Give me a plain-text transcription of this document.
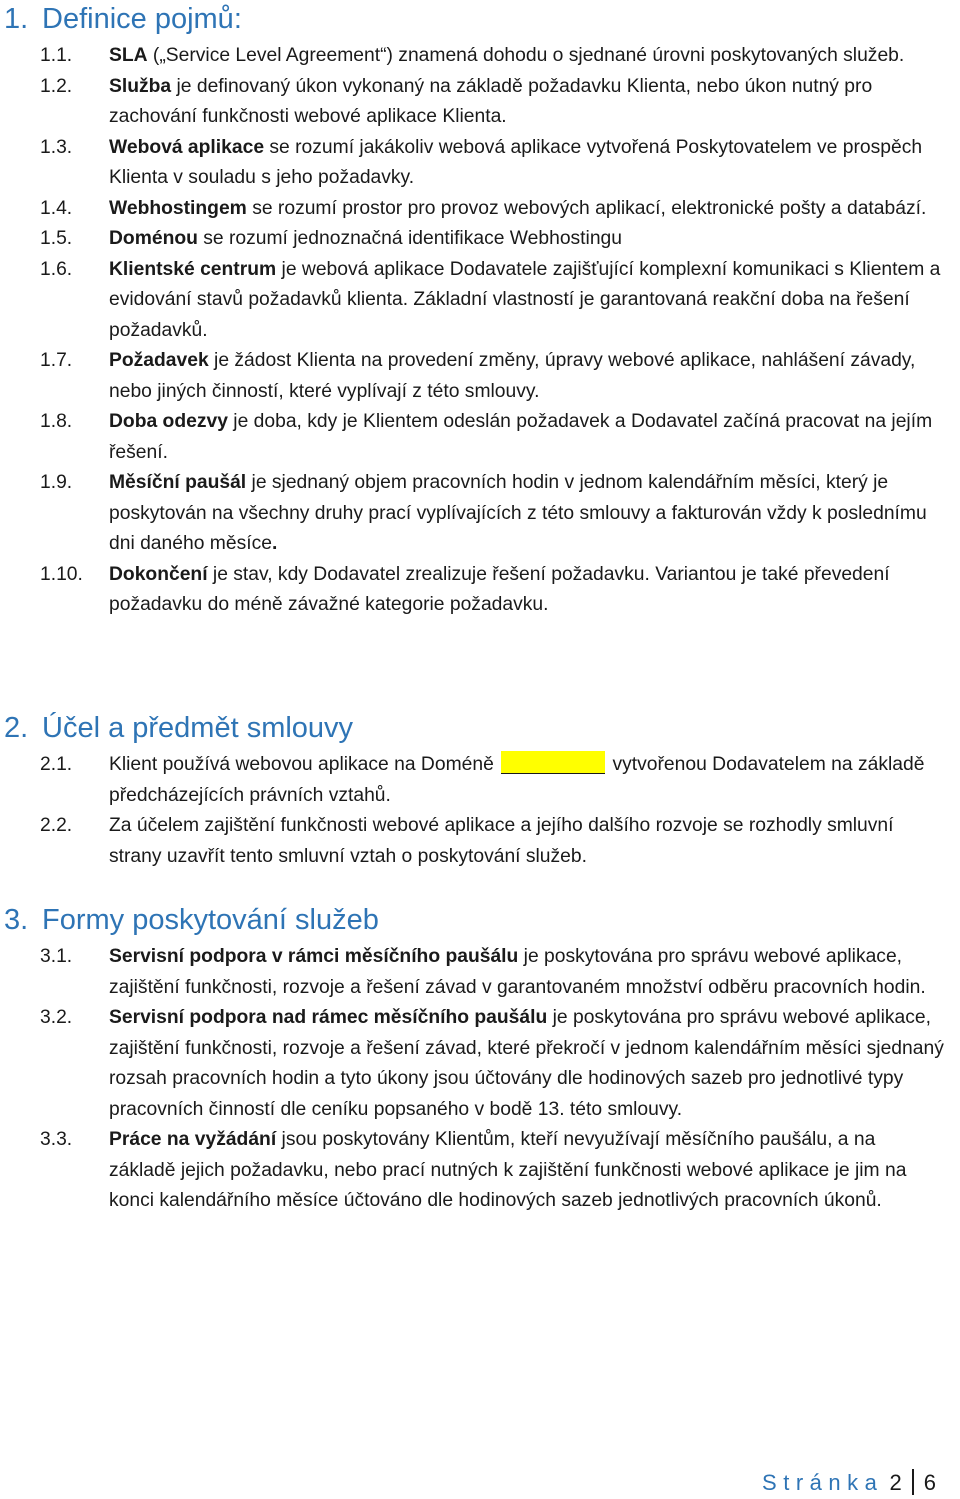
1. Definice pojmů:
1.1. SLA („Service Level Agreement“) znamená dohodu o sjednané úrovni poskytovaných služeb.
1.2. Služba je definovaný úkon vykonaný na základě požadavku Klienta, nebo úkon nutný pro zachování funkčnosti webové aplikace Klienta.
1.3. Webová aplikace se rozumí jakákoliv webová aplikace vytvořená Poskytovatelem ve prospěch Klienta v souladu s jeho požadavky.
1.4. Webhostingem se rozumí prostor pro provoz webových aplikací, elektronické pošty a databází.
1.5. Doménou se rozumí jednoznačná identifikace Webhostingu
1.6. Klientské centrum je webová aplikace Dodavatele zajišťující komplexní komunikaci s Klientem a evidování stavů požadavků klienta. Základní vlastností je garantovaná reakční doba na řešení požadavků.
1.7. Požadavek je žádost Klienta na provedení změny, úpravy webové aplikace, nahlášení závady, nebo jiných činností, které vyplívají z této smlouvy.
1.8. Doba odezvy je doba, kdy je Klientem odeslán požadavek a Dodavatel začíná pracovat na jejím řešení.
1.9. Měsíční paušál je sjednaný objem pracovních hodin v jednom kalendářním měsíci, který je poskytován na všechny druhy prací vyplívajících z této smlouvy a fakturován vždy k poslednímu dni daného měsíce.
1.10. Dokončení je stav, kdy Dodavatel zrealizuje řešení požadavku. Variantou je také převedení požadavku do méně závažné kategorie požadavku.
2. Účel a předmět smlouvy
2.1. Klient používá webovou aplikace na Doméně	vytvořenou Dodavatelem na základě předcházejících právních vztahů.
2.2. Za účelem zajištění funkčnosti webové aplikace a jejího dalšího rozvoje se rozhodly smluvní strany uzavřít tento smluvní vztah o poskytování služeb.
3. Formy poskytování služeb
3.1. Servisní podpora v rámci měsíčního paušálu je poskytována pro správu webové aplikace, zajištění funkčnosti, rozvoje a řešení závad v garantovaném množství odběru pracovních hodin.
3.2. Servisní podpora nad rámec měsíčního paušálu je poskytována pro správu webové aplikace, zajištění funkčnosti, rozvoje a řešení závad, které překročí v jednom kalendářním měsíci sjednaný rozsah pracovních hodin a tyto úkony jsou účtovány dle hodinových sazeb pro jednotlivé typy pracovních činností dle ceníku popsaného v bodě 13. této smlouvy.
3.3. Práce na vyžádání jsou poskytovány Klientům, kteří nevyužívají měsíčního paušálu, a na základě jejich požadavku, nebo prací nutných k zajištění funkčnosti webové aplikace je jim na konci kalendářního měsíce účtováno dle hodinových sazeb jednotlivých pracovních úkonů.
Stránka 2 6
